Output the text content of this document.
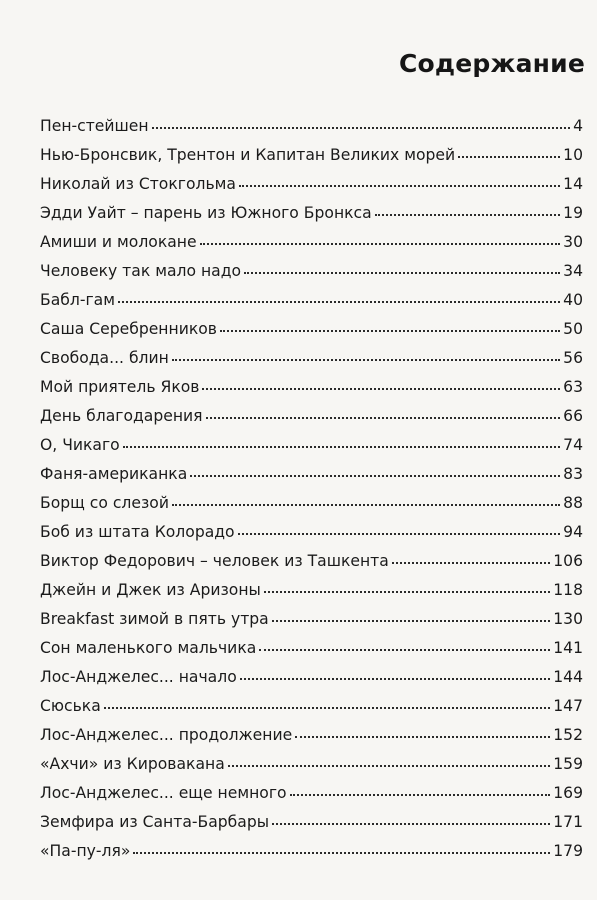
Содержание
Пен-стейшен	4
Нью-Бронсвик, Трентон и Капитан Великих морей	10
Николай из Стокгольма	14
Эдди Уайт – парень из Южного Бронкса	19
Амиши и молокане	30
Человеку так мало надо	34
Бабл-гам	40
Саша Серебренников	50
Свобода... блин	56
Мой приятель Яков	63
День благодарения	66
О, Чикаго	74
Фаня-американка	83
Борщ со слезой	88
Боб из штата Колорадо	94
Виктор Федорович – человек из Ташкента	106
Джейн и Джек из Аризоны	118
Breakfast зимой в пять утра	130
Сон маленького мальчика	141
Лос-Анджелес... начало	144
Сюська	147
Лос-Анджелес... продолжение	152
«Ахчи» из Кировакана	159
Лос-Анджелес... еще немного	169
Земфира из Санта-Барбары	171
«Па-пу-ля»	179
